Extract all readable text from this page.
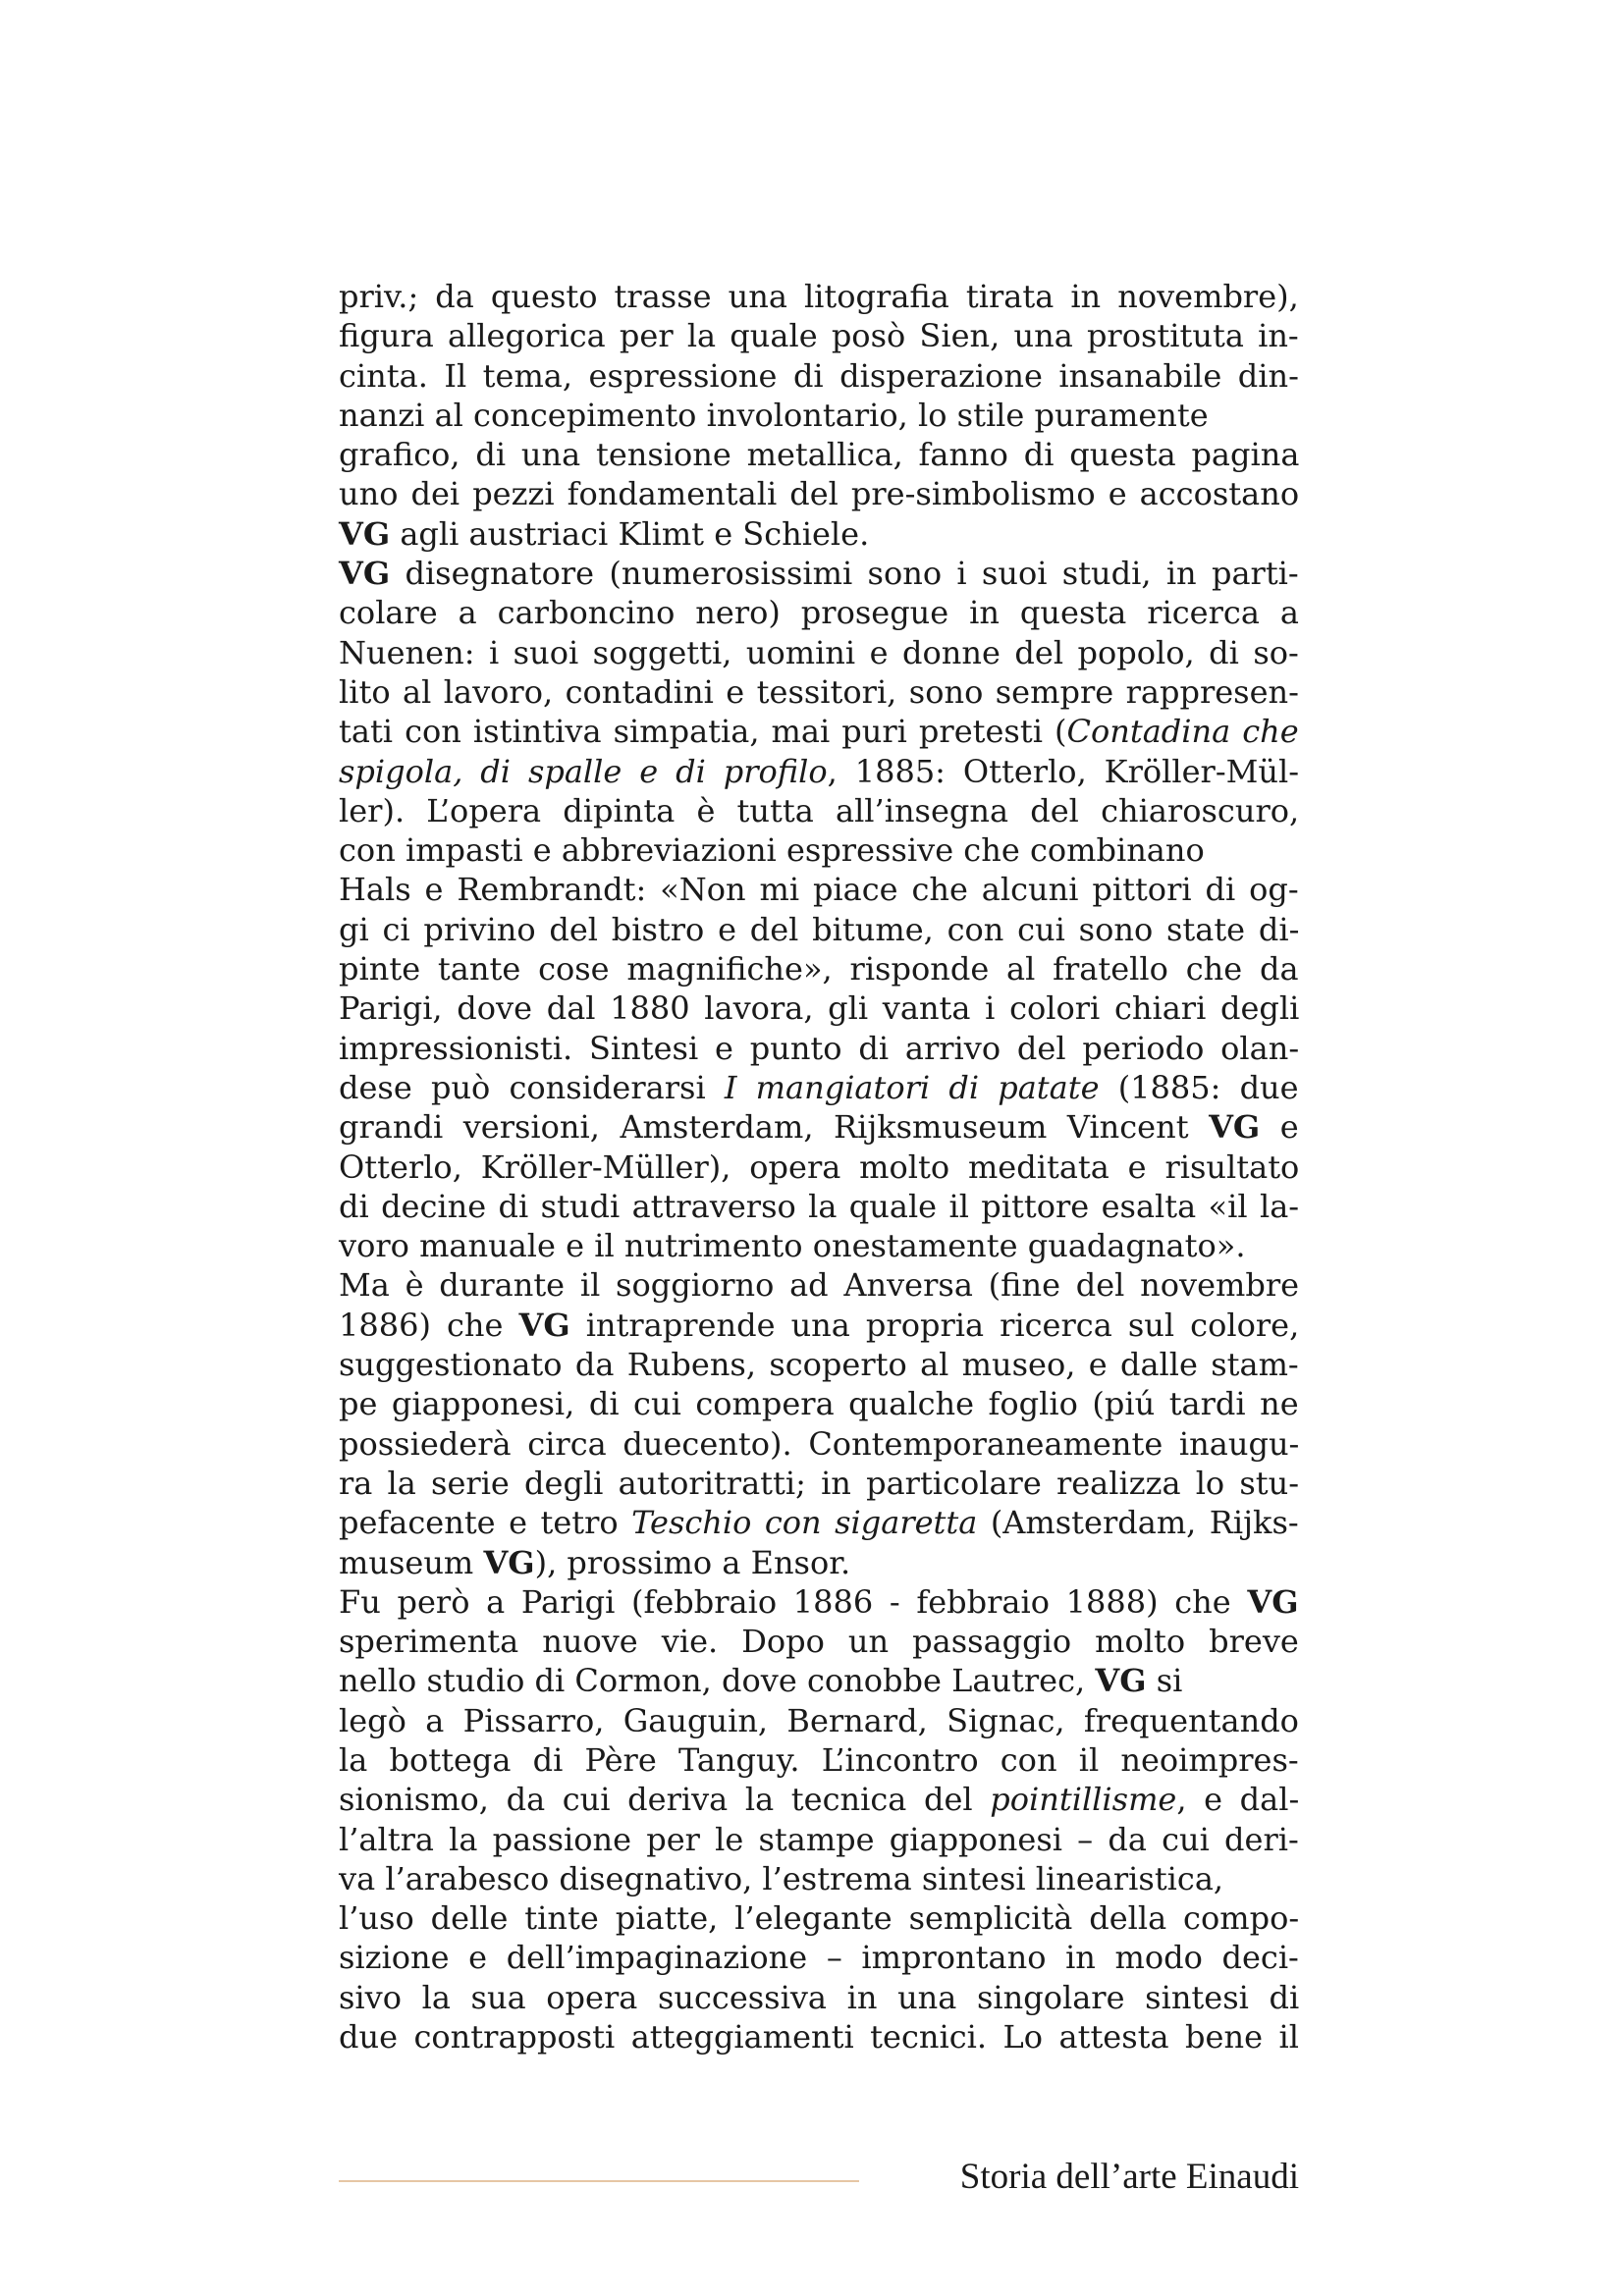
priv.; da questo trasse una litografia tirata in novembre),
figura allegorica per la quale posò Sien, una prostituta in-
cinta. Il tema, espressione di disperazione insanabile din-
nanzi al concepimento involontario, lo stile puramente
grafico, di una tensione metallica, fanno di questa pagina
uno dei pezzi fondamentali del pre-simbolismo e accostano
VG agli austriaci Klimt e Schiele.
VG disegnatore (numerosissimi sono i suoi studi, in parti-
colare a carboncino nero) prosegue in questa ricerca a
Nuenen: i suoi soggetti, uomini e donne del popolo, di so-
lito al lavoro, contadini e tessitori, sono sempre rappresen-
tati con istintiva simpatia, mai puri pretesti (Contadina che
spigola, di spalle e di profilo, 1885: Otterlo, Kröller-Mül-
ler). L’opera dipinta è tutta all’insegna del chiaroscuro,
con impasti e abbreviazioni espressive che combinano
Hals e Rembrandt: «Non mi piace che alcuni pittori di og-
gi ci privino del bistro e del bitume, con cui sono state di-
pinte tante cose magnifiche», risponde al fratello che da
Parigi, dove dal 1880 lavora, gli vanta i colori chiari degli
impressionisti. Sintesi e punto di arrivo del periodo olan-
dese può considerarsi I mangiatori di patate (1885: due
grandi versioni, Amsterdam, Rijksmuseum Vincent VG e
Otterlo, Kröller-Müller), opera molto meditata e risultato
di decine di studi attraverso la quale il pittore esalta «il la-
voro manuale e il nutrimento onestamente guadagnato».
Ma è durante il soggiorno ad Anversa (fine del novembre
1886) che VG intraprende una propria ricerca sul colore,
suggestionato da Rubens, scoperto al museo, e dalle stam-
pe giapponesi, di cui compera qualche foglio (piú tardi ne
possiederà circa duecento). Contemporaneamente inaugu-
ra la serie degli autoritratti; in particolare realizza lo stu-
pefacente e tetro Teschio con sigaretta (Amsterdam, Rijks-
museum VG), prossimo a Ensor.
Fu però a Parigi (febbraio 1886 - febbraio 1888) che VG
sperimenta nuove vie. Dopo un passaggio molto breve
nello studio di Cormon, dove conobbe Lautrec, VG si
legò a Pissarro, Gauguin, Bernard, Signac, frequentando
la bottega di Père Tanguy. L’incontro con il neoimpres-
sionismo, da cui deriva la tecnica del pointillisme, e dal-
l’altra la passione per le stampe giapponesi – da cui deri-
va l’arabesco disegnativo, l’estrema sintesi linearistica,
l’uso delle tinte piatte, l’elegante semplicità della compo-
sizione e dell’impaginazione – improntano in modo deci-
sivo la sua opera successiva in una singolare sintesi di
due contrapposti atteggiamenti tecnici. Lo attesta bene il
Storia dell’arte Einaudi
